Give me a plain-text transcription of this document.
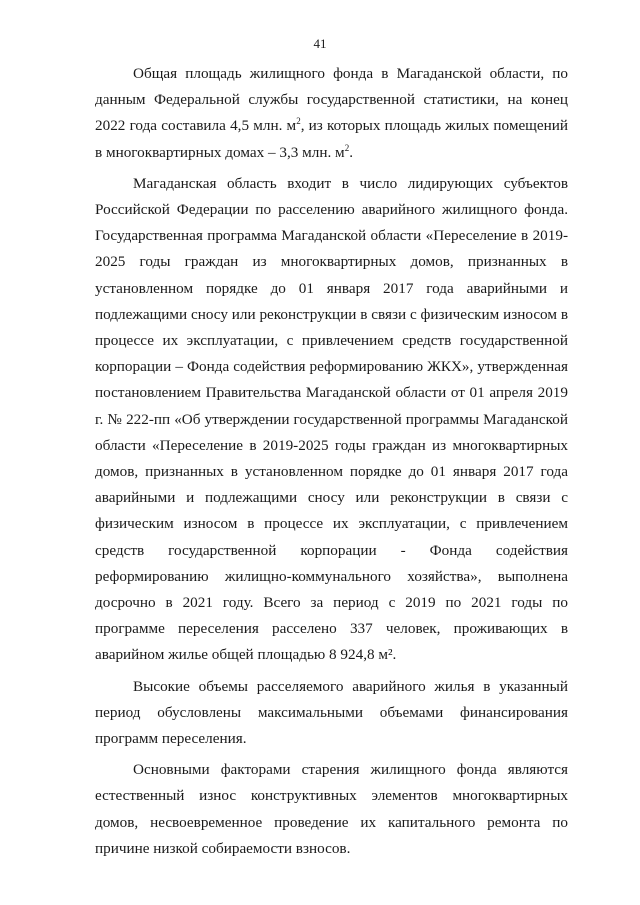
41

Общая площадь жилищного фонда в Магаданской области, по данным Федеральной службы государственной статистики, на конец 2022 года составила 4,5 млн. $м^2$, из которых площадь жилых помещений в многоквартирных домах – 3,3 млн. $м^2$.

Магаданская область входит в число лидирующих субъектов Российской Федерации по расселению аварийного жилищного фонда. Государственная программа Магаданской области «Переселение в 2019-2025 годы граждан из многоквартирных домов, признанных в установленном порядке до 01 января 2017 года аварийными и подлежащими сносу или реконструкции в связи с физическим износом в процессе их эксплуатации, с привлечением средств государственной корпорации – Фонда содействия реформированию ЖКХ», утвержденная постановлением Правительства Магаданской области от 01 апреля 2019 г. № 222-пп «Об утверждении государственной программы Магаданской области «Переселение в 2019-2025 годы граждан из многоквартирных домов, признанных в установленном порядке до 01 января 2017 года аварийными и подлежащими сносу или реконструкции в связи с физическим износом в процессе их эксплуатации, с привлечением средств государственной корпорации - Фонда содействия реформированию жилищно-коммунального хозяйства», выполнена досрочно в 2021 году. Всего за период с 2019 по 2021 годы по программе переселения расселено 337 человек, проживающих в аварийном жилье общей площадью 8 924,8 м².

Высокие объемы расселяемого аварийного жилья в указанный период обусловлены максимальными объемами финансирования программ переселения.

Основными факторами старения жилищного фонда являются естественный износ конструктивных элементов многоквартирных домов, несвоевременное проведение их капитального ремонта по причине низкой собираемости взносов.
